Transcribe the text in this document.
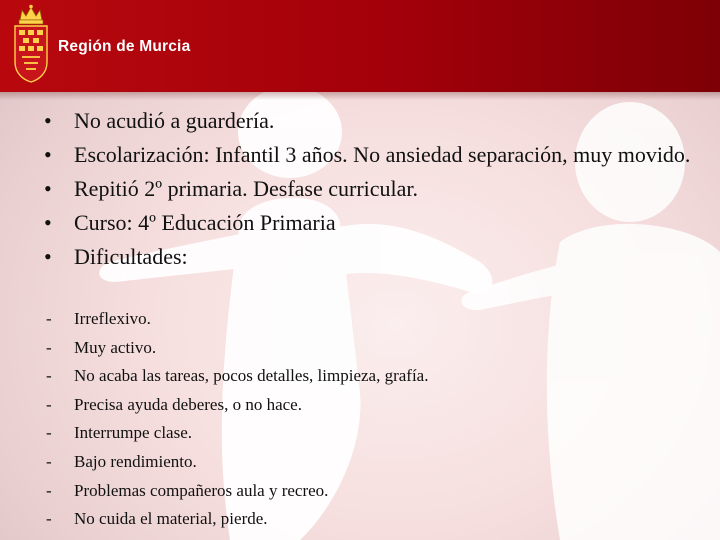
Región de Murcia
• No acudió a guardería.
• Escolarización: Infantil 3 años. No ansiedad separación, muy movido.
• Repitió 2º primaria. Desfase curricular.
• Curso: 4º Educación Primaria
• Dificultades:
- Irreflexivo.
- Muy activo.
- No acaba las tareas, pocos detalles, limpieza, grafía.
- Precisa ayuda deberes, o no hace.
- Interrumpe clase.
- Bajo rendimiento.
- Problemas compañeros aula y recreo.
- No cuida el material, pierde.
